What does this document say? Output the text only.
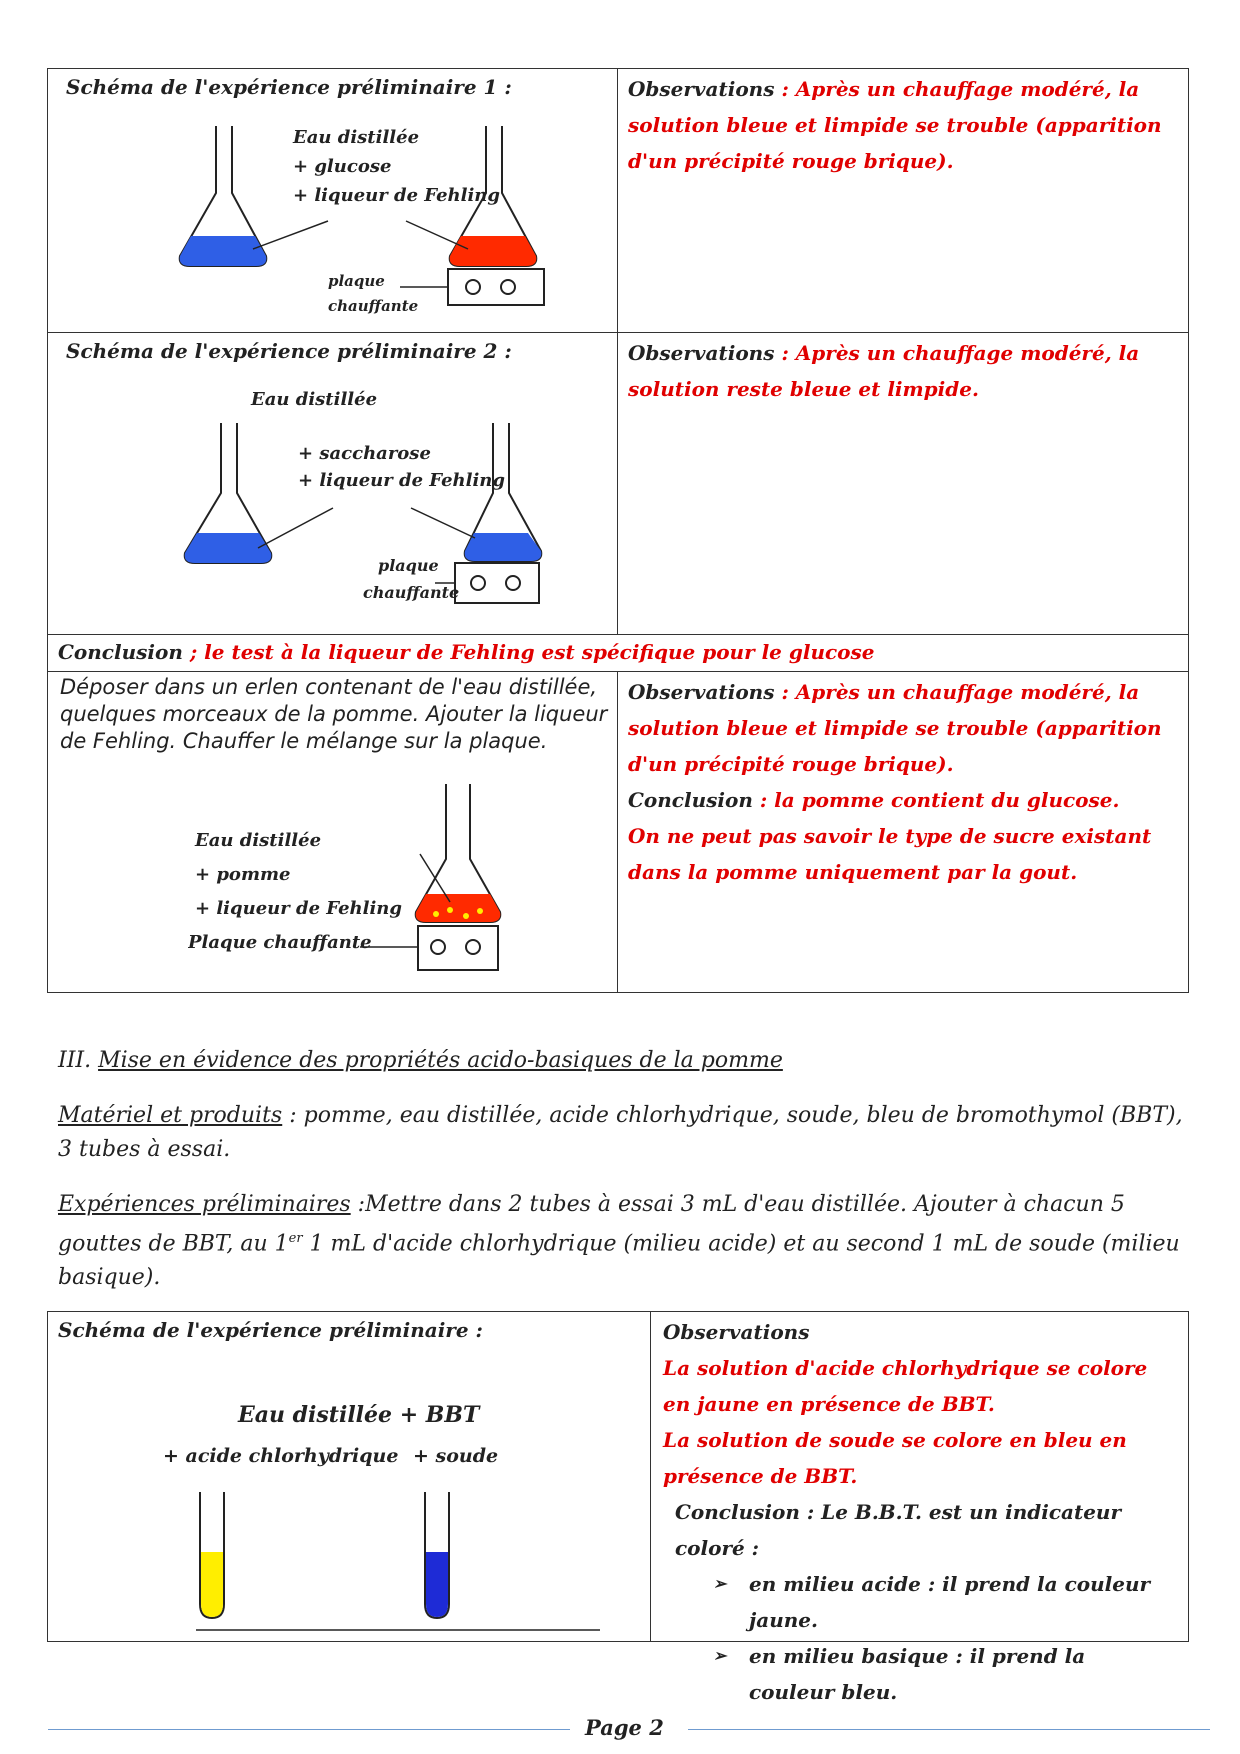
Schéma de l'expérience préliminaire 1 :
Eau distillée
+ glucose
+ liqueur de Fehling
plaque
chauffante
Observations : Après un chauffage modéré, la solution bleue et limpide se trouble (apparition d'un précipité rouge brique).
Schéma de l'expérience préliminaire 2 :
Eau distillée
+ saccharose
+ liqueur de Fehling
plaque
chauffante
Observations : Après un chauffage modéré, la solution reste bleue et limpide.
Conclusion ; le test à la liqueur de Fehling est spécifique pour le glucose
Déposer dans un erlen contenant de l'eau distillée, quelques morceaux de la pomme. Ajouter la liqueur de Fehling. Chauffer le mélange sur la plaque.
Eau distillée
+ pomme
+ liqueur de Fehling
Plaque chauffante
Observations : Après un chauffage modéré, la solution bleue et limpide se trouble (apparition d'un précipité rouge brique).
Conclusion : la pomme contient du glucose.
On ne peut pas savoir le type de sucre existant dans la pomme uniquement par la gout.
III. Mise en évidence des propriétés acido-basiques de la pomme
Matériel et produits : pomme, eau distillée, acide chlorhydrique, soude, bleu de bromothymol (BBT), 3 tubes à essai.
Expériences préliminaires :Mettre dans 2 tubes à essai 3 mL d'eau distillée. Ajouter à chacun 5 gouttes de BBT, au 1er 1 mL d'acide chlorhydrique (milieu acide) et au second 1 mL de soude (milieu basique).
Schéma de l'expérience préliminaire :
Eau distillée + BBT
+ acide chlorhydrique + soude
Observations
La solution d'acide chlorhydrique se colore en jaune en présence de BBT.
La solution de soude se colore en bleu en présence de BBT.
Conclusion : Le B.B.T. est un indicateur coloré :
➢ en milieu acide : il prend la couleur jaune.
➢ en milieu basique : il prend la couleur bleu.
Page 2
